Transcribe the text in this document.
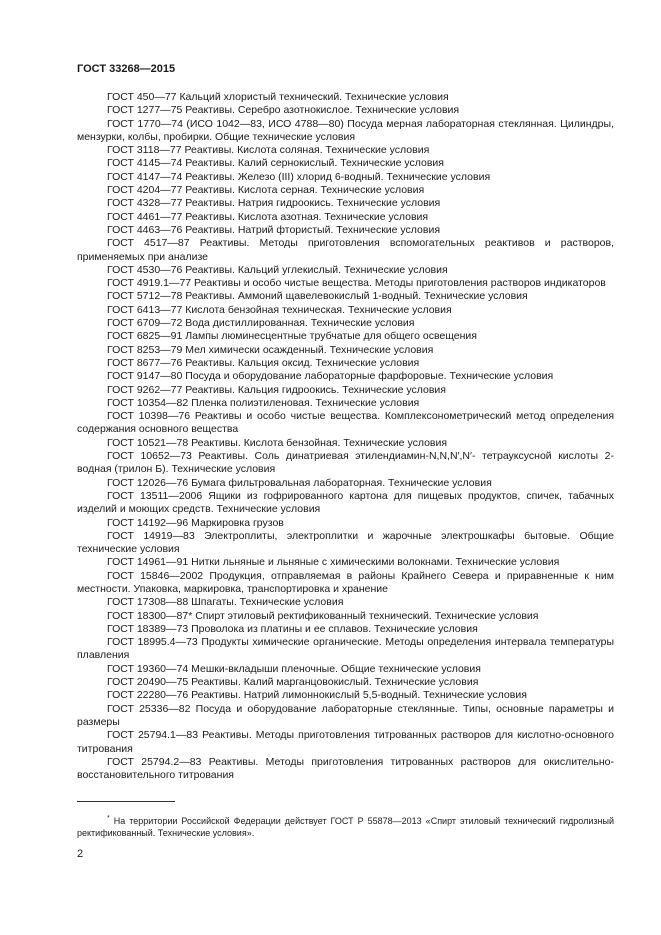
ГОСТ 33268—2015
ГОСТ 450—77 Кальций хлористый технический. Технические условия
ГОСТ 1277—75 Реактивы. Серебро азотнокислое. Технические условия
ГОСТ 1770—74 (ИСО 1042—83, ИСО 4788—80) Посуда мерная лабораторная стеклянная. Цилиндры, мензурки, колбы, пробирки. Общие технические условия
ГОСТ 3118—77 Реактивы. Кислота соляная. Технические условия
ГОСТ 4145—74 Реактивы. Калий сернокислый. Технические условия
ГОСТ 4147—74 Реактивы. Железо (III) хлорид 6-водный. Технические условия
ГОСТ 4204—77 Реактивы. Кислота серная. Технические условия
ГОСТ 4328—77 Реактивы. Натрия гидроокись. Технические условия
ГОСТ 4461—77 Реактивы. Кислота азотная. Технические условия
ГОСТ 4463—76 Реактивы. Натрий фтористый. Технические условия
ГОСТ 4517—87 Реактивы. Методы приготовления вспомогательных реактивов и растворов, применяемых при анализе
ГОСТ 4530—76 Реактивы. Кальций углекислый. Технические условия
ГОСТ 4919.1—77 Реактивы и особо чистые вещества. Методы приготовления растворов индикаторов
ГОСТ 5712—78 Реактивы. Аммоний щавелевокислый 1-водный. Технические условия
ГОСТ 6413—77 Кислота бензойная техническая. Технические условия
ГОСТ 6709—72 Вода дистиллированная. Технические условия
ГОСТ 6825—91 Лампы люминесцентные трубчатые для общего освещения
ГОСТ 8253—79 Мел химически осажденный. Технические условия
ГОСТ 8677—76 Реактивы. Кальция оксид. Технические условия
ГОСТ 9147—80 Посуда и оборудование лабораторные фарфоровые. Технические условия
ГОСТ 9262—77 Реактивы. Кальция гидроокись. Технические условия
ГОСТ 10354—82 Пленка полиэтиленовая. Технические условия
ГОСТ 10398—76 Реактивы и особо чистые вещества. Комплексонометрический метод определения содержания основного вещества
ГОСТ 10521—78 Реактивы. Кислота бензойная. Технические условия
ГОСТ 10652—73 Реактивы. Соль динатриевая этилендиамин-N,N,N′,N′- тетрауксусной кислоты 2-водная (трилон Б). Технические условия
ГОСТ 12026—76 Бумага фильтровальная лабораторная. Технические условия
ГОСТ 13511—2006 Ящики из гофрированного картона для пищевых продуктов, спичек, табачных изделий и моющих средств. Технические условия
ГОСТ 14192—96 Маркировка грузов
ГОСТ 14919—83 Электроплиты, электроплитки и жарочные электрошкафы бытовые. Общие технические условия
ГОСТ 14961—91 Нитки льняные и льняные с химическими волокнами. Технические условия
ГОСТ 15846—2002 Продукция, отправляемая в районы Крайнего Севера и приравненные к ним местности. Упаковка, маркировка, транспортировка и хранение
ГОСТ 17308—88 Шпагаты. Технические условия
ГОСТ 18300—87* Спирт этиловый ректификованный технический. Технические условия
ГОСТ 18389—73 Проволока из платины и ее сплавов. Технические условия
ГОСТ 18995.4—73 Продукты химические органические. Методы определения интервала температуры плавления
ГОСТ 19360—74 Мешки-вкладыши пленочные. Общие технические условия
ГОСТ 20490—75 Реактивы. Калий марганцовокислый. Технические условия
ГОСТ 22280—76 Реактивы. Натрий лимоннокислый 5,5-водный. Технические условия
ГОСТ 25336—82 Посуда и оборудование лабораторные стеклянные. Типы, основные параметры и размеры
ГОСТ 25794.1—83 Реактивы. Методы приготовления титрованных растворов для кислотно-основного титрования
ГОСТ 25794.2—83 Реактивы. Методы приготовления титрованных растворов для окислительно-восстановительного титрования
* На территории Российской Федерации действует ГОСТ Р 55878—2013 «Спирт этиловый технический гидролизный ректификованный. Технические условия».
2
